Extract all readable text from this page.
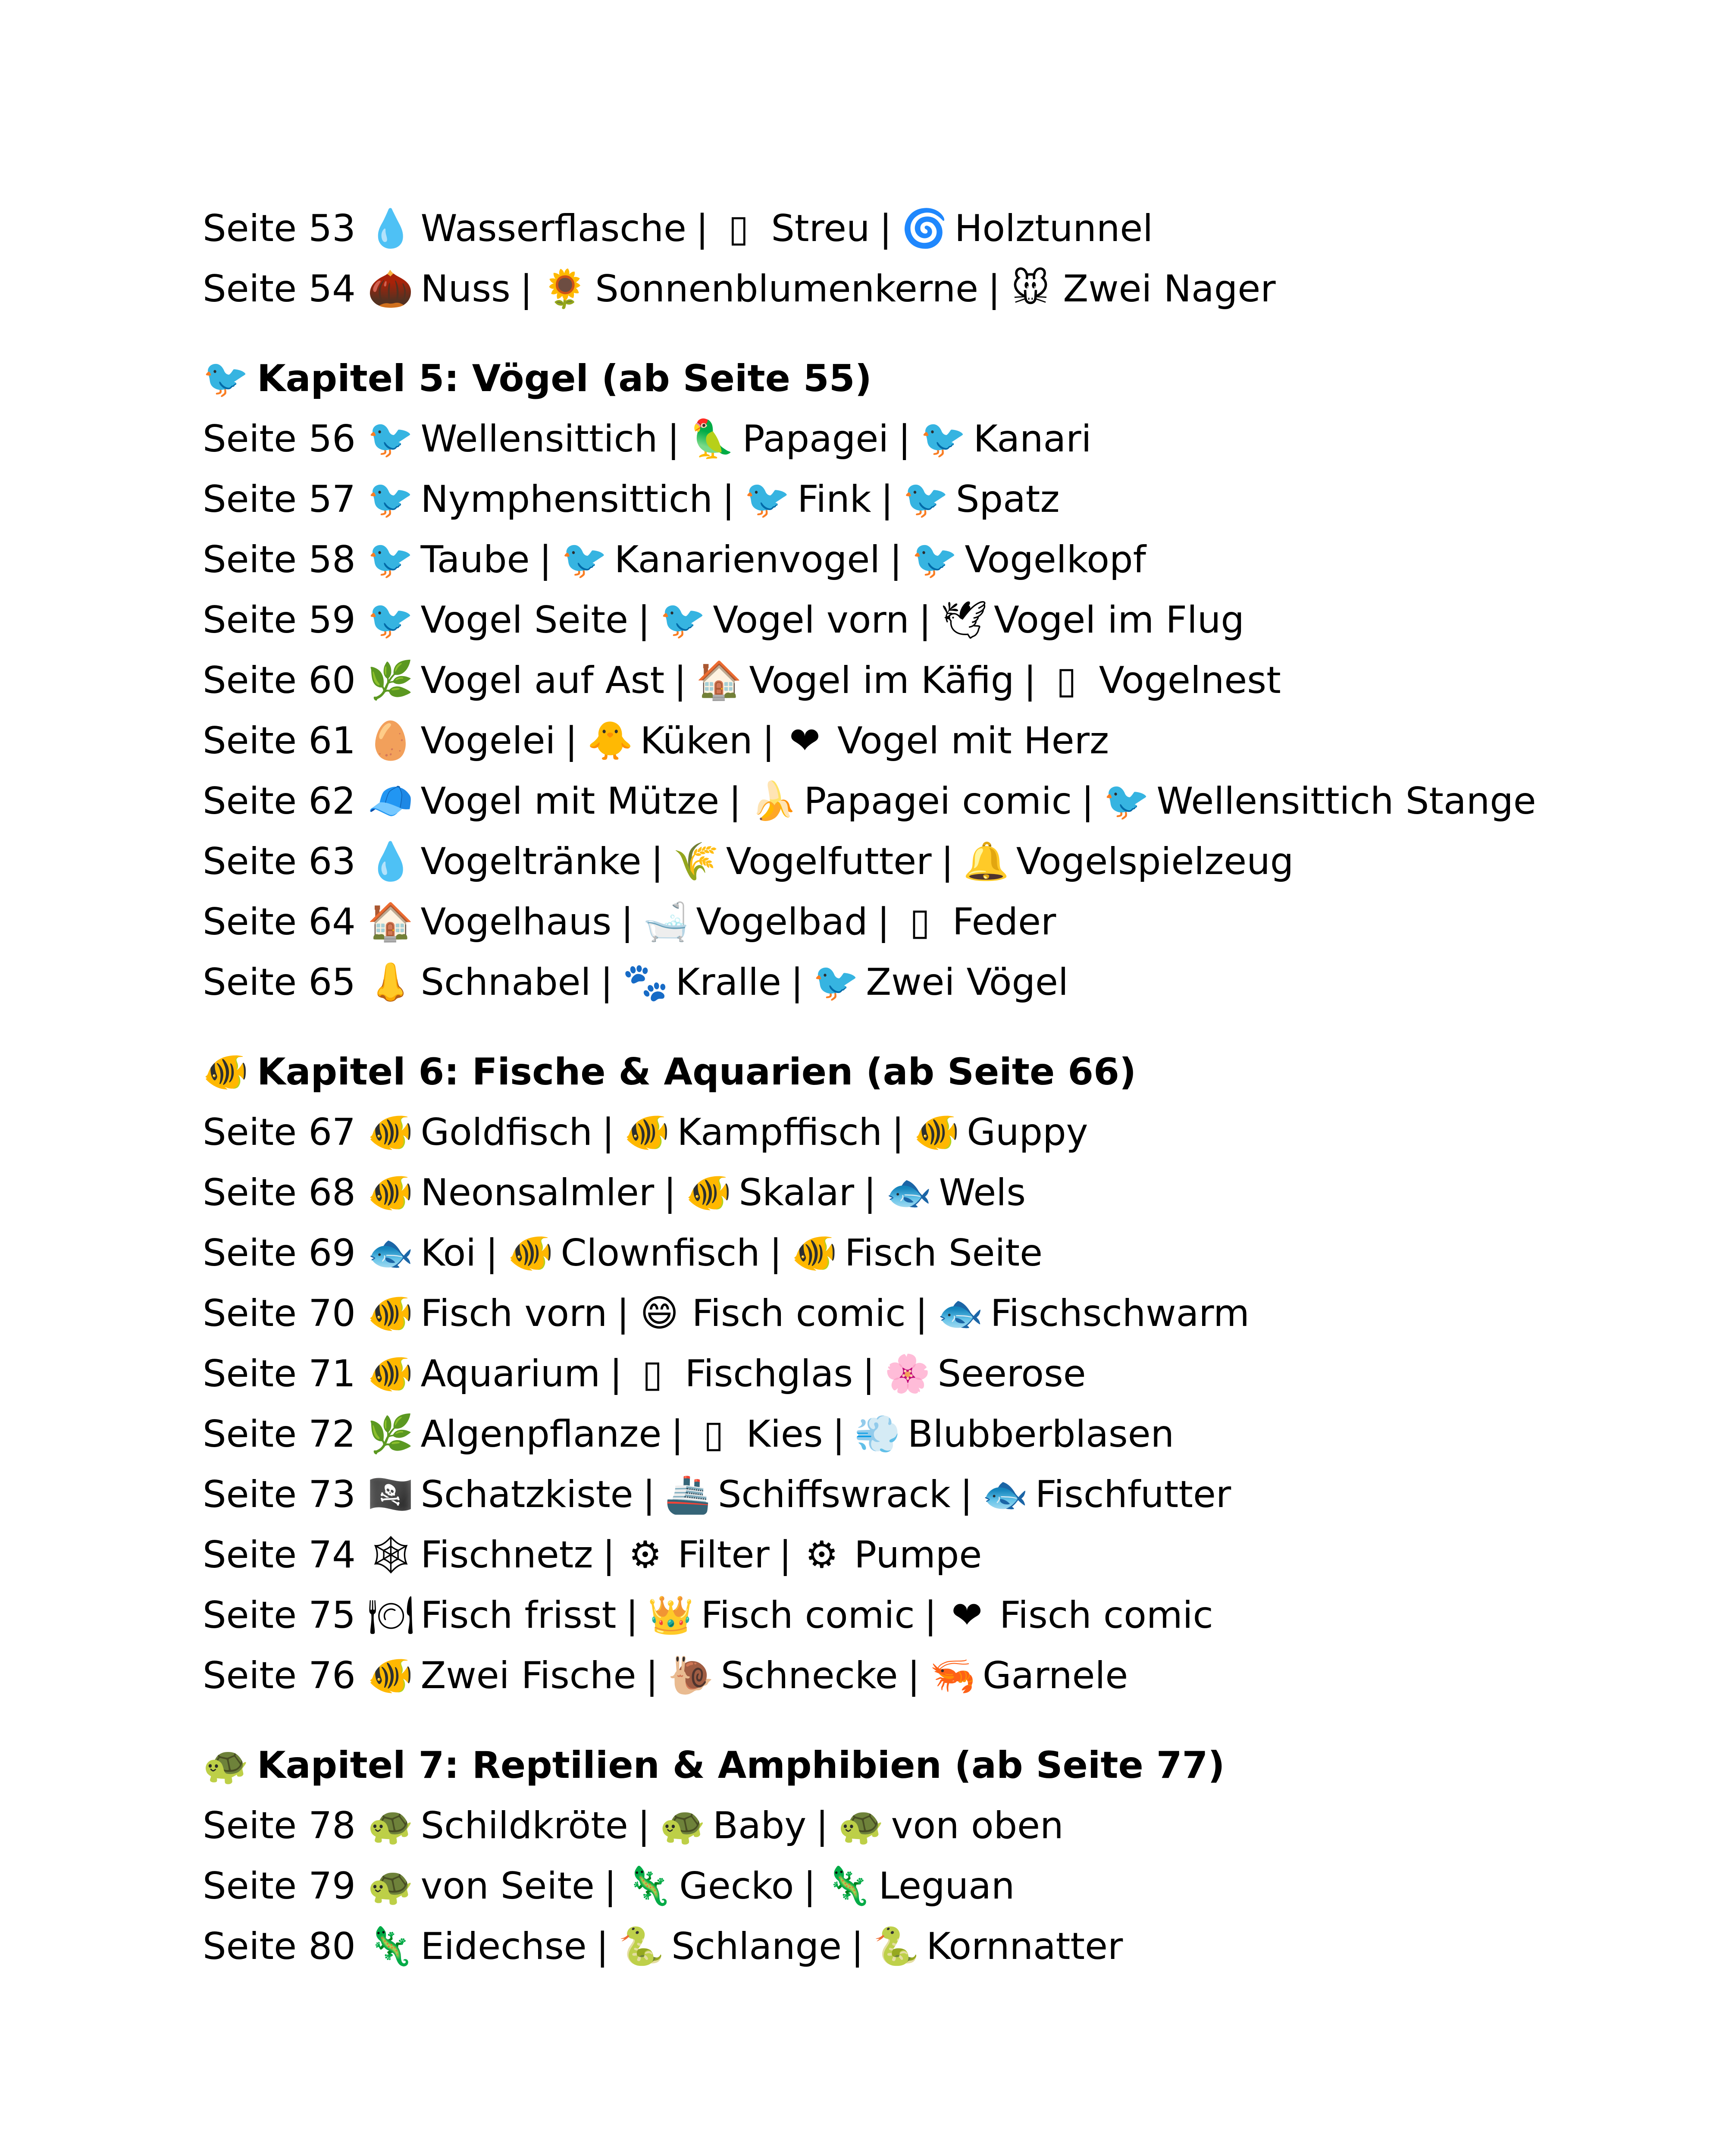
Seite 53 💧 Wasserflasche | ▯ Streu | 🌀 Holztunnel
Seite 54 🌰 Nuss | 🌻 Sonnenblumenkerne | 🐭 Zwei Nager
🐦 Kapitel 5: Vögel (ab Seite 55)
Seite 56 🐦 Wellensittich | 🦜 Papagei | 🐦 Kanari
Seite 57 🐦 Nymphensittich | 🐦 Fink | 🐦 Spatz
Seite 58 🐦 Taube | 🐦 Kanarienvogel | 🐦 Vogelkopf
Seite 59 🐦 Vogel Seite | 🐦 Vogel vorn | 🕊 Vogel im Flug
Seite 60 🌿 Vogel auf Ast | 🏠 Vogel im Käfig | ▯ Vogelnest
Seite 61 🥚 Vogelei | 🐥 Küken | ❤ Vogel mit Herz
Seite 62 🧢 Vogel mit Mütze | 🍌 Papagei comic | 🐦 Wellensittich Stange
Seite 63 💧 Vogeltränke | 🌾 Vogelfutter | 🔔 Vogelspielzeug
Seite 64 🏠 Vogelhaus | 🛁 Vogelbad | ▯ Feder
Seite 65 👃 Schnabel | 🐾 Kralle | 🐦 Zwei Vögel
🐠 Kapitel 6: Fische & Aquarien (ab Seite 66)
Seite 67 🐠 Goldfisch | 🐠 Kampffisch | 🐠 Guppy
Seite 68 🐠 Neonsalmler | 🐠 Skalar | 🐟 Wels
Seite 69 🐟 Koi | 🐠 Clownfisch | 🐠 Fisch Seite
Seite 70 🐠 Fisch vorn | 😄 Fisch comic | 🐟 Fischschwarm
Seite 71 🐠 Aquarium | ▯ Fischglas | 🌸 Seerose
Seite 72 🌿 Algenpflanze | ▯ Kies | 💨 Blubberblasen
Seite 73 🏴‍☠️ Schatzkiste | 🚢 Schiffswrack | 🐟 Fischfutter
Seite 74 🕸 Fischnetz | ⚙ Filter | ⚙ Pumpe
Seite 75 🍽 Fisch frisst | 👑 Fisch comic | ❤ Fisch comic
Seite 76 🐠 Zwei Fische | 🐌 Schnecke | 🦐 Garnele
🐢 Kapitel 7: Reptilien & Amphibien (ab Seite 77)
Seite 78 🐢 Schildkröte | 🐢 Baby | 🐢 von oben
Seite 79 🐢 von Seite | 🦎 Gecko | 🦎 Leguan
Seite 80 🦎 Eidechse | 🐍 Schlange | 🐍 Kornnatter
